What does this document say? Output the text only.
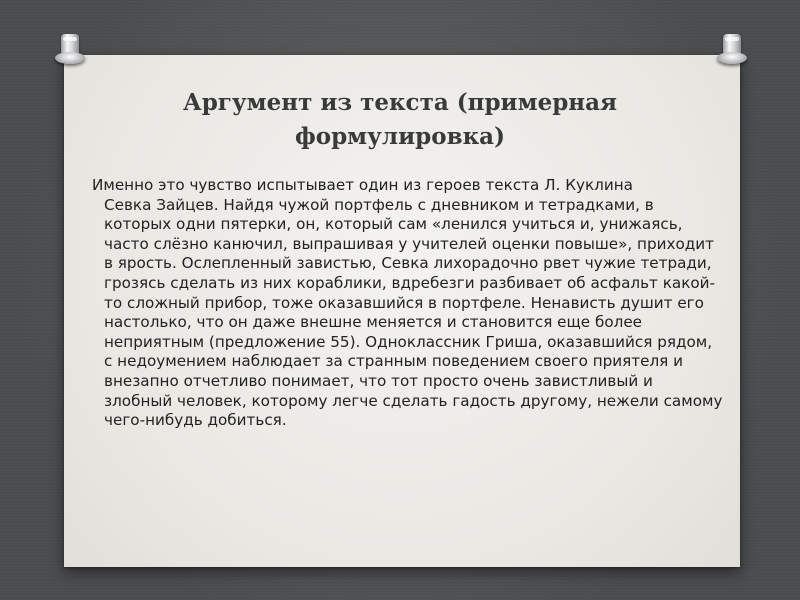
Аргумент из текста (примерная
формулировка)
Именно это чувство испытывает один из героев текста Л. Куклина
Севка Зайцев. Найдя чужой портфель с дневником и тетрадками, в которых одни пятерки, он, который сам «ленился учиться и, унижаясь, часто слёзно канючил, выпрашивая у учителей оценки повыше», приходит в ярость. Ослепленный завистью, Севка лихорадочно рвет чужие тетради, грозясь сделать из них кораблики, вдребезги разбивает об асфальт какой-то сложный прибор, тоже оказавшийся в портфеле. Ненависть душит его настолько, что он даже внешне меняется и становится еще более неприятным (предложение 55). Одноклассник Гриша, оказавшийся рядом, с недоумением наблюдает за странным поведением своего приятеля и внезапно отчетливо понимает, что тот просто очень завистливый и злобный человек, которому легче сделать гадость другому, нежели самому чего-нибудь добиться.
